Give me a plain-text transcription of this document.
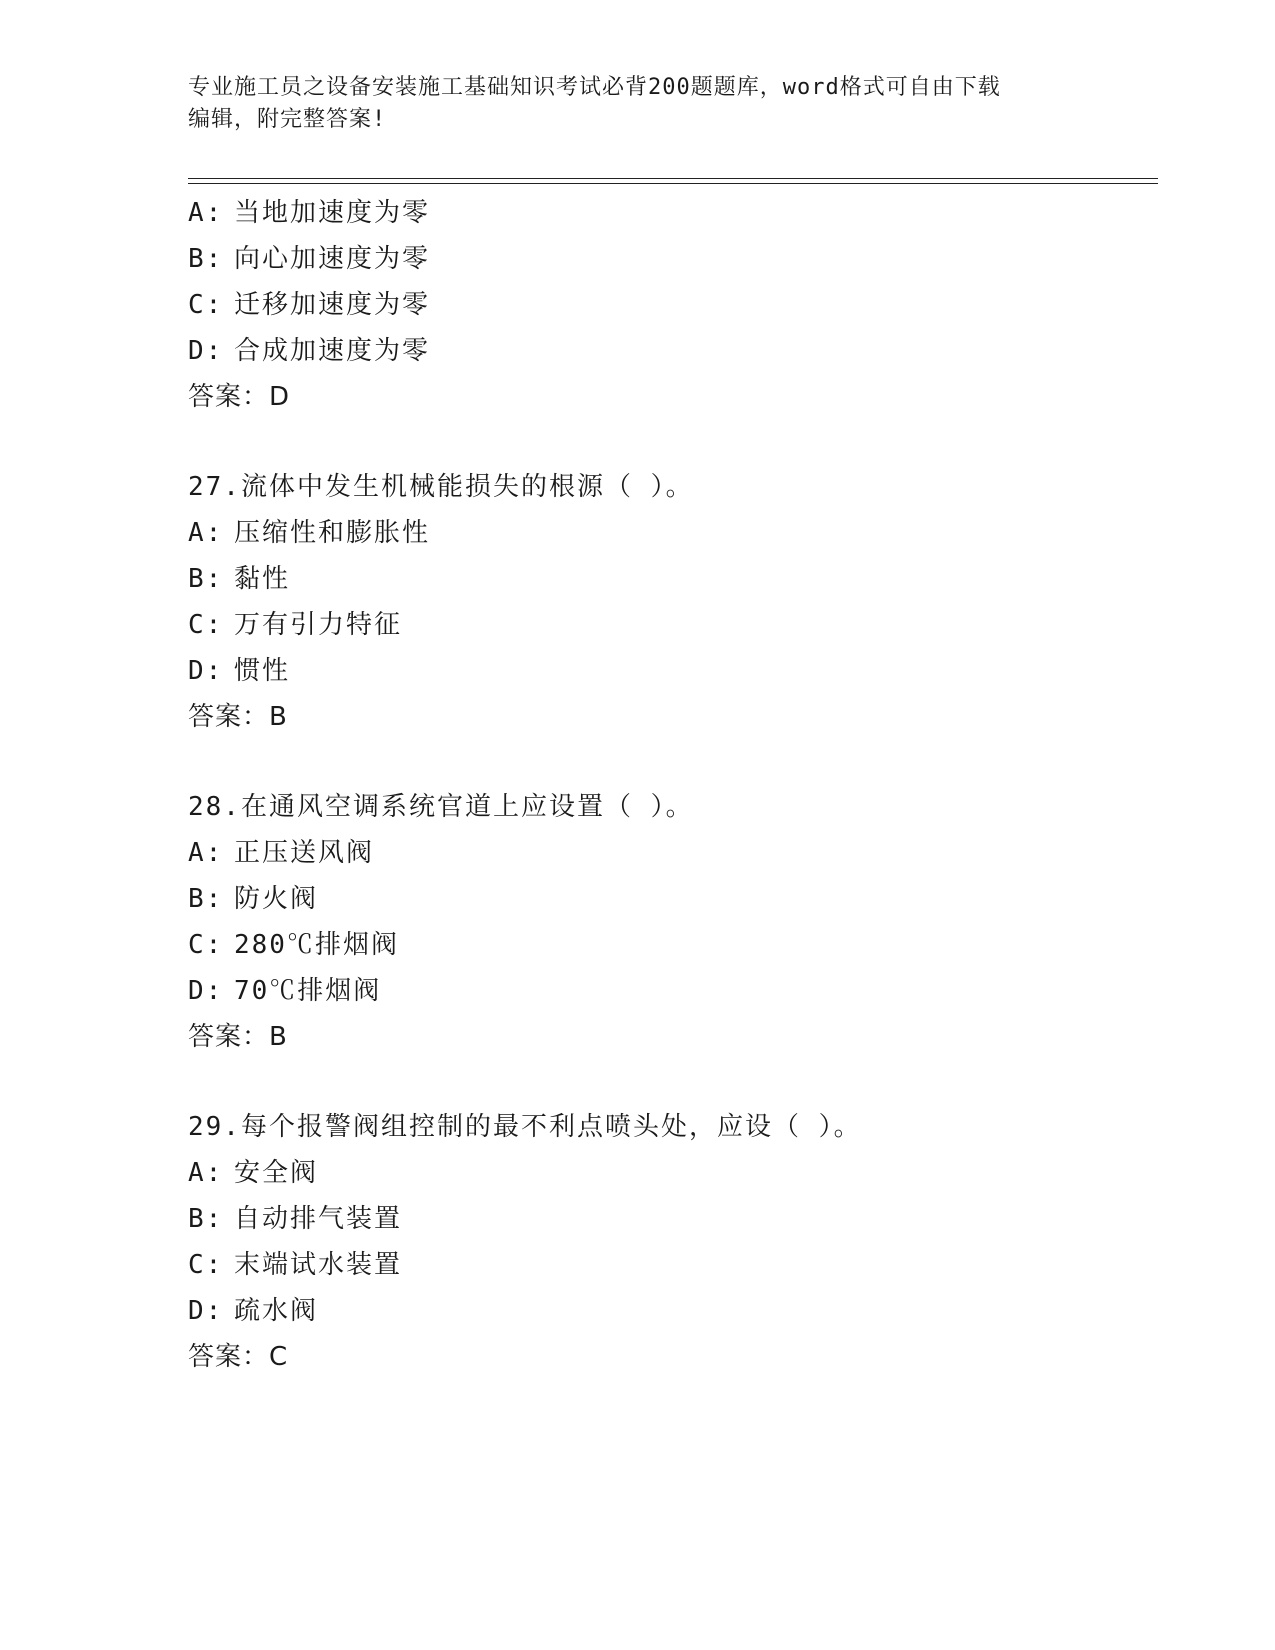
专业施工员之设备安装施工基础知识考试必背200题题库，word格式可自由下载
编辑，附完整答案!
A: 当地加速度为零
B: 向心加速度为零
C: 迁移加速度为零
D: 合成加速度为零
答案：D
27.流体中发生机械能损失的根源（ ）。
A: 压缩性和膨胀性
B: 黏性
C: 万有引力特征
D: 惯性
答案：B
28.在通风空调系统官道上应设置（ ）。
A: 正压送风阀
B: 防火阀
C: 280℃排烟阀
D: 70℃排烟阀
答案：B
29.每个报警阀组控制的最不利点喷头处，应设（ ）。
A: 安全阀
B: 自动排气装置
C: 末端试水装置
D: 疏水阀
答案：C
